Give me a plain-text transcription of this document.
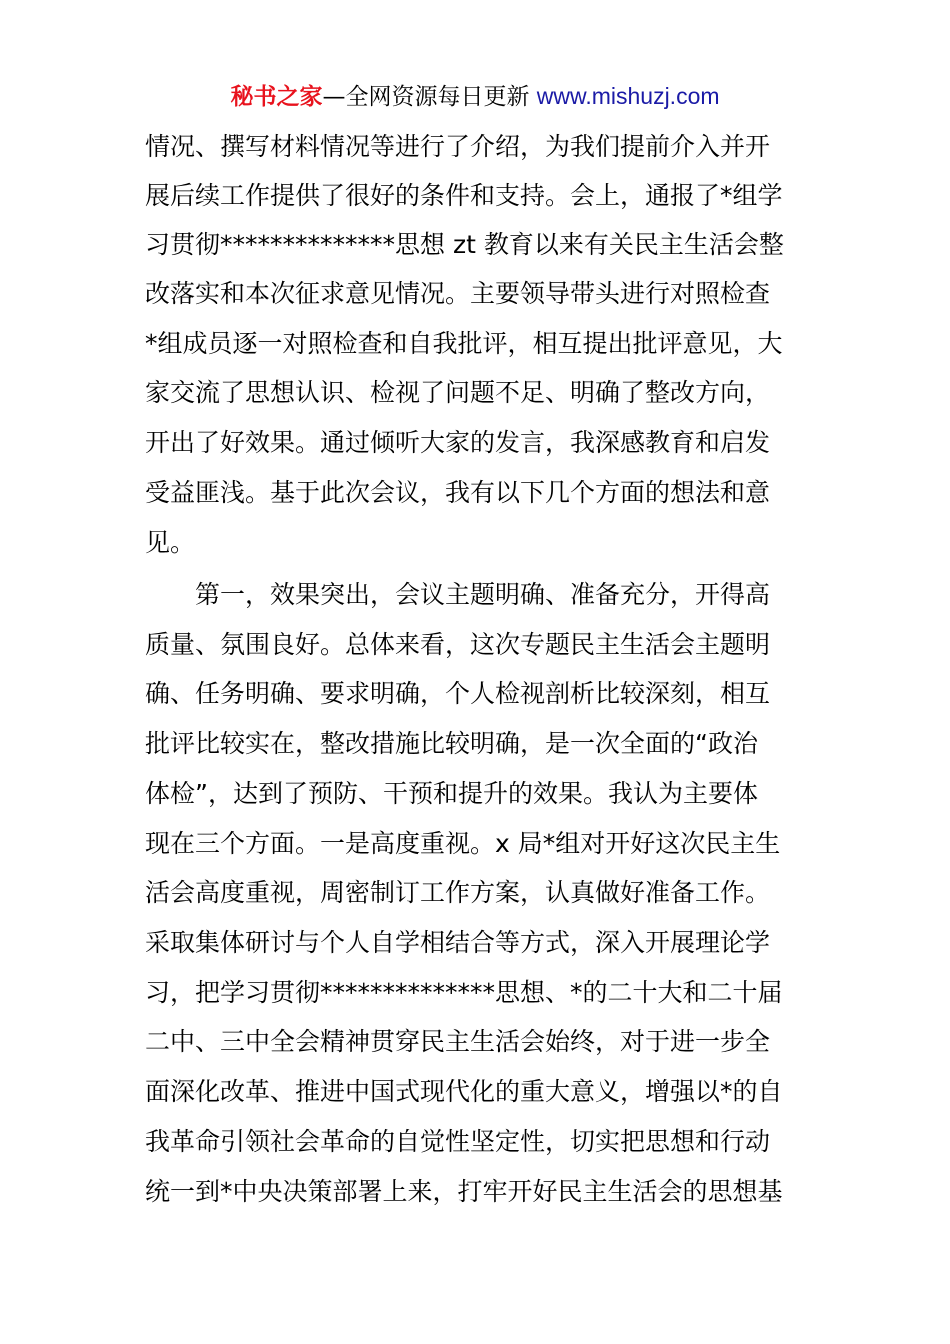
秘书之家—全网资源每日更新 www.mishuzj.com
情况、撰写材料情况等进行了介绍，为我们提前介入并开
展后续工作提供了很好的条件和支持。会上，通报了*组学
习贯彻**************思想 zt 教育以来有关民主生活会整
改落实和本次征求意见情况。主要领导带头进行对照检查
*组成员逐一对照检查和自我批评，相互提出批评意见，大
家交流了思想认识、检视了问题不足、明确了整改方向，
开出了好效果。通过倾听大家的发言，我深感教育和启发
受益匪浅。基于此次会议，我有以下几个方面的想法和意
见。
第一，效果突出，会议主题明确、准备充分，开得高
质量、氛围良好。总体来看，这次专题民主生活会主题明
确、任务明确、要求明确，个人检视剖析比较深刻，相互
批评比较实在，整改措施比较明确，是一次全面的“政治
体检”，达到了预防、干预和提升的效果。我认为主要体
现在三个方面。一是高度重视。x 局*组对开好这次民主生
活会高度重视，周密制订工作方案，认真做好准备工作。
采取集体研讨与个人自学相结合等方式，深入开展理论学
习，把学习贯彻**************思想、*的二十大和二十届
二中、三中全会精神贯穿民主生活会始终，对于进一步全
面深化改革、推进中国式现代化的重大意义，增强以*的自
我革命引领社会革命的自觉性坚定性，切实把思想和行动
统一到*中央决策部署上来，打牢开好民主生活会的思想基
